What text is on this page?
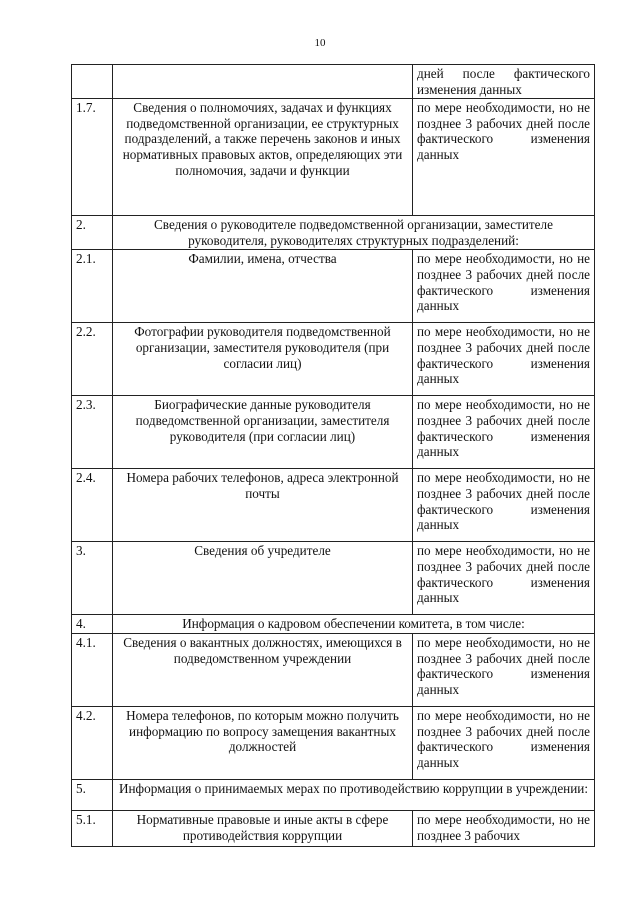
10
		дней после фактического изменения данных
1.7.	Сведения о полномочиях, задачах и функциях подведомственной организации, ее структурных подразделений, а также перечень законов и иных нормативных правовых актов, определяющих эти полномочия, задачи и функции	по мере необходимости, но не позднее 3 рабочих дней после фактического изменения данных
2.	Сведения о руководителе подведомственной организации, заместителе руководителя, руководителях структурных подразделений:	
2.1.	Фамилии, имена, отчества	по мере необходимости, но не позднее 3 рабочих дней после фактического изменения данных
2.2.	Фотографии руководителя подведомственной организации, заместителя руководителя (при согласии лиц)	по мере необходимости, но не позднее 3 рабочих дней после фактического изменения данных
2.3.	Биографические данные руководителя подведомственной организации, заместителя руководителя (при согласии лиц)	по мере необходимости, но не позднее 3 рабочих дней после фактического изменения данных
2.4.	Номера рабочих телефонов, адреса электронной почты	по мере необходимости, но не позднее 3 рабочих дней после фактического изменения данных
3.	Сведения об учредителе	по мере необходимости, но не позднее 3 рабочих дней после фактического изменения данных
4.	Информация о кадровом обеспечении комитета, в том числе:	
4.1.	Сведения о вакантных должностях, имеющихся в подведомственном учреждении	по мере необходимости, но не позднее 3 рабочих дней после фактического изменения данных
4.2.	Номера телефонов, по которым можно получить информацию по вопросу замещения вакантных должностей	по мере необходимости, но не позднее 3 рабочих дней после фактического изменения данных
5.	Информация о принимаемых мерах по противодействию коррупции в учреждении:	
5.1.	Нормативные правовые и иные акты в сфере противодействия коррупции	по мере необходимости, но не позднее 3 рабочих
